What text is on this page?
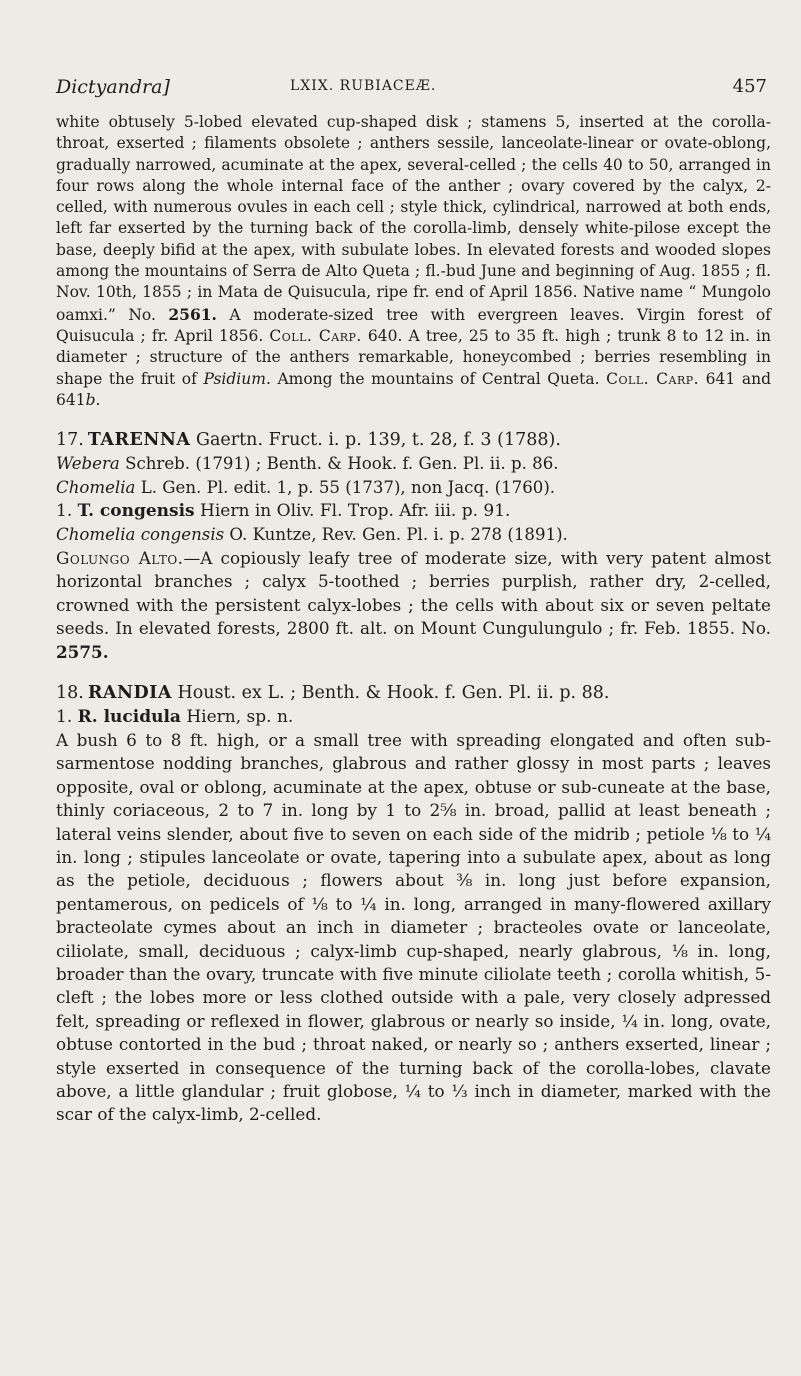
Dictyandra]	LXIX. RUBIACEÆ.	457

white obtusely 5-lobed elevated cup-shaped disk ; stamens 5, inserted at the corolla-throat, exserted ; filaments obsolete ; anthers sessile, lanceolate-linear or ovate-oblong, gradually narrowed, acuminate at the apex, several-celled ; the cells 40 to 50, arranged in four rows along the whole internal face of the anther ; ovary covered by the calyx, 2-celled, with numerous ovules in each cell ; style thick, cylindrical, narrowed at both ends, left far exserted by the turning back of the corolla-limb, densely white-pilose except the base, deeply bifid at the apex, with subulate lobes. In elevated forests and wooded slopes among the mountains of Serra de Alto Queta ; fl.-bud June and beginning of Aug. 1855 ; fl. Nov. 10th, 1855 ; in Mata de Quisucula, ripe fr. end of April 1856. Native name “ Mungolo oamxi.” No. 2561. A moderate-sized tree with evergreen leaves. Virgin forest of Quisucula ; fr. April 1856. Coll. Carp. 640. A tree, 25 to 35 ft. high ; trunk 8 to 12 in. in diameter ; structure of the anthers remarkable, honeycombed ; berries resembling in shape the fruit of Psidium. Among the mountains of Central Queta. Coll. Carp. 641 and 641b.

17. TARENNA Gaertn. Fruct. i. p. 139, t. 28, f. 3 (1788).

Webera Schreb. (1791) ; Benth. & Hook. f. Gen. Pl. ii. p. 86.

Chomelia L. Gen. Pl. edit. 1, p. 55 (1737), non Jacq. (1760).

1. T. congensis Hiern in Oliv. Fl. Trop. Afr. iii. p. 91.

Chomelia congensis O. Kuntze, Rev. Gen. Pl. i. p. 278 (1891).

Golungo Alto.—A copiously leafy tree of moderate size, with very patent almost horizontal branches ; calyx 5-toothed ; berries purplish, rather dry, 2-celled, crowned with the persistent calyx-lobes ; the cells with about six or seven peltate seeds. In elevated forests, 2800 ft. alt. on Mount Cungulungulo ; fr. Feb. 1855. No. 2575.

18. RANDIA Houst. ex L. ; Benth. & Hook. f. Gen. Pl. ii. p. 88.

1. R. lucidula Hiern, sp. n.

A bush 6 to 8 ft. high, or a small tree with spreading elongated and often sub-sarmentose nodding branches, glabrous and rather glossy in most parts ; leaves opposite, oval or oblong, acuminate at the apex, obtuse or sub-cuneate at the base, thinly coriaceous, 2 to 7 in. long by 1 to 2⅝ in. broad, pallid at least beneath ; lateral veins slender, about five to seven on each side of the midrib ; petiole ⅛ to ¼ in. long ; stipules lanceolate or ovate, tapering into a subulate apex, about as long as the petiole, deciduous ; flowers about ⅜ in. long just before expansion, pentamerous, on pedicels of ⅛ to ¼ in. long, arranged in many-flowered axillary bracteolate cymes about an inch in diameter ; bracteoles ovate or lanceolate, ciliolate, small, deciduous ; calyx-limb cup-shaped, nearly glabrous, ⅛ in. long, broader than the ovary, truncate with five minute ciliolate teeth ; corolla whitish, 5-cleft ; the lobes more or less clothed outside with a pale, very closely adpressed felt, spreading or reflexed in flower, glabrous or nearly so inside, ¼ in. long, ovate, obtuse contorted in the bud ; throat naked, or nearly so ; anthers exserted, linear ; style exserted in consequence of the turning back of the corolla-lobes, clavate above, a little glandular ; fruit globose, ¼ to ⅓ inch in diameter, marked with the scar of the calyx-limb, 2-celled.
